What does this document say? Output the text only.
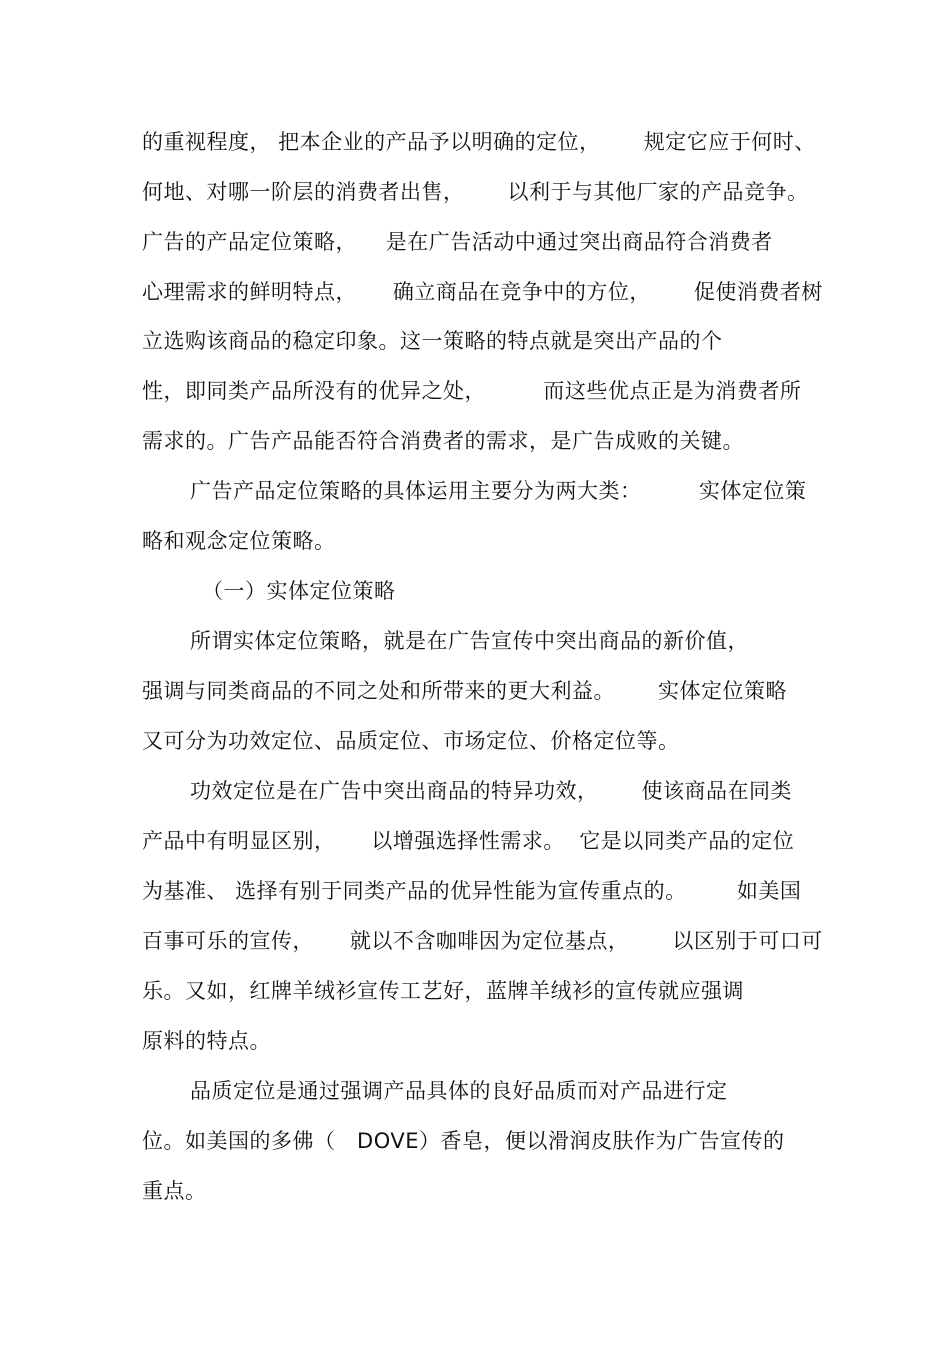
的重视程度， 把本企业的产品予以明确的定位，      规定它应于何时、
何地、对哪一阶层的消费者出售，      以利于与其他厂家的产品竞争。
广告的产品定位策略，    是在广告活动中通过突出商品符合消费者
心理需求的鲜明特点，     确立商品在竞争中的方位，      促使消费者树
立选购该商品的稳定印象。这一策略的特点就是突出产品的个
性，即同类产品所没有的优异之处，        而这些优点正是为消费者所
需求的。广告产品能否符合消费者的需求，是广告成败的关键。
广告产品定位策略的具体运用主要分为两大类：        实体定位策
略和观念定位策略。
（一）实体定位策略
所谓实体定位策略，就是在广告宣传中突出商品的新价值，
强调与同类商品的不同之处和所带来的更大利益。      实体定位策略
又可分为功效定位、品质定位、市场定位、价格定位等。
功效定位是在广告中突出商品的特异功效，      使该商品在同类
产品中有明显区别，     以增强选择性需求。  它是以同类产品的定位
为基准、 选择有别于同类产品的优异性能为宣传重点的。       如美国
百事可乐的宣传，     就以不含咖啡因为定位基点，      以区别于可口可
乐。又如，红牌羊绒衫宣传工艺好，蓝牌羊绒衫的宣传就应强调
原料的特点。
品质定位是通过强调产品具体的良好品质而对产品进行定
位。如美国的多佛（   DOVE）香皂，便以滑润皮肤作为广告宣传的
重点。
